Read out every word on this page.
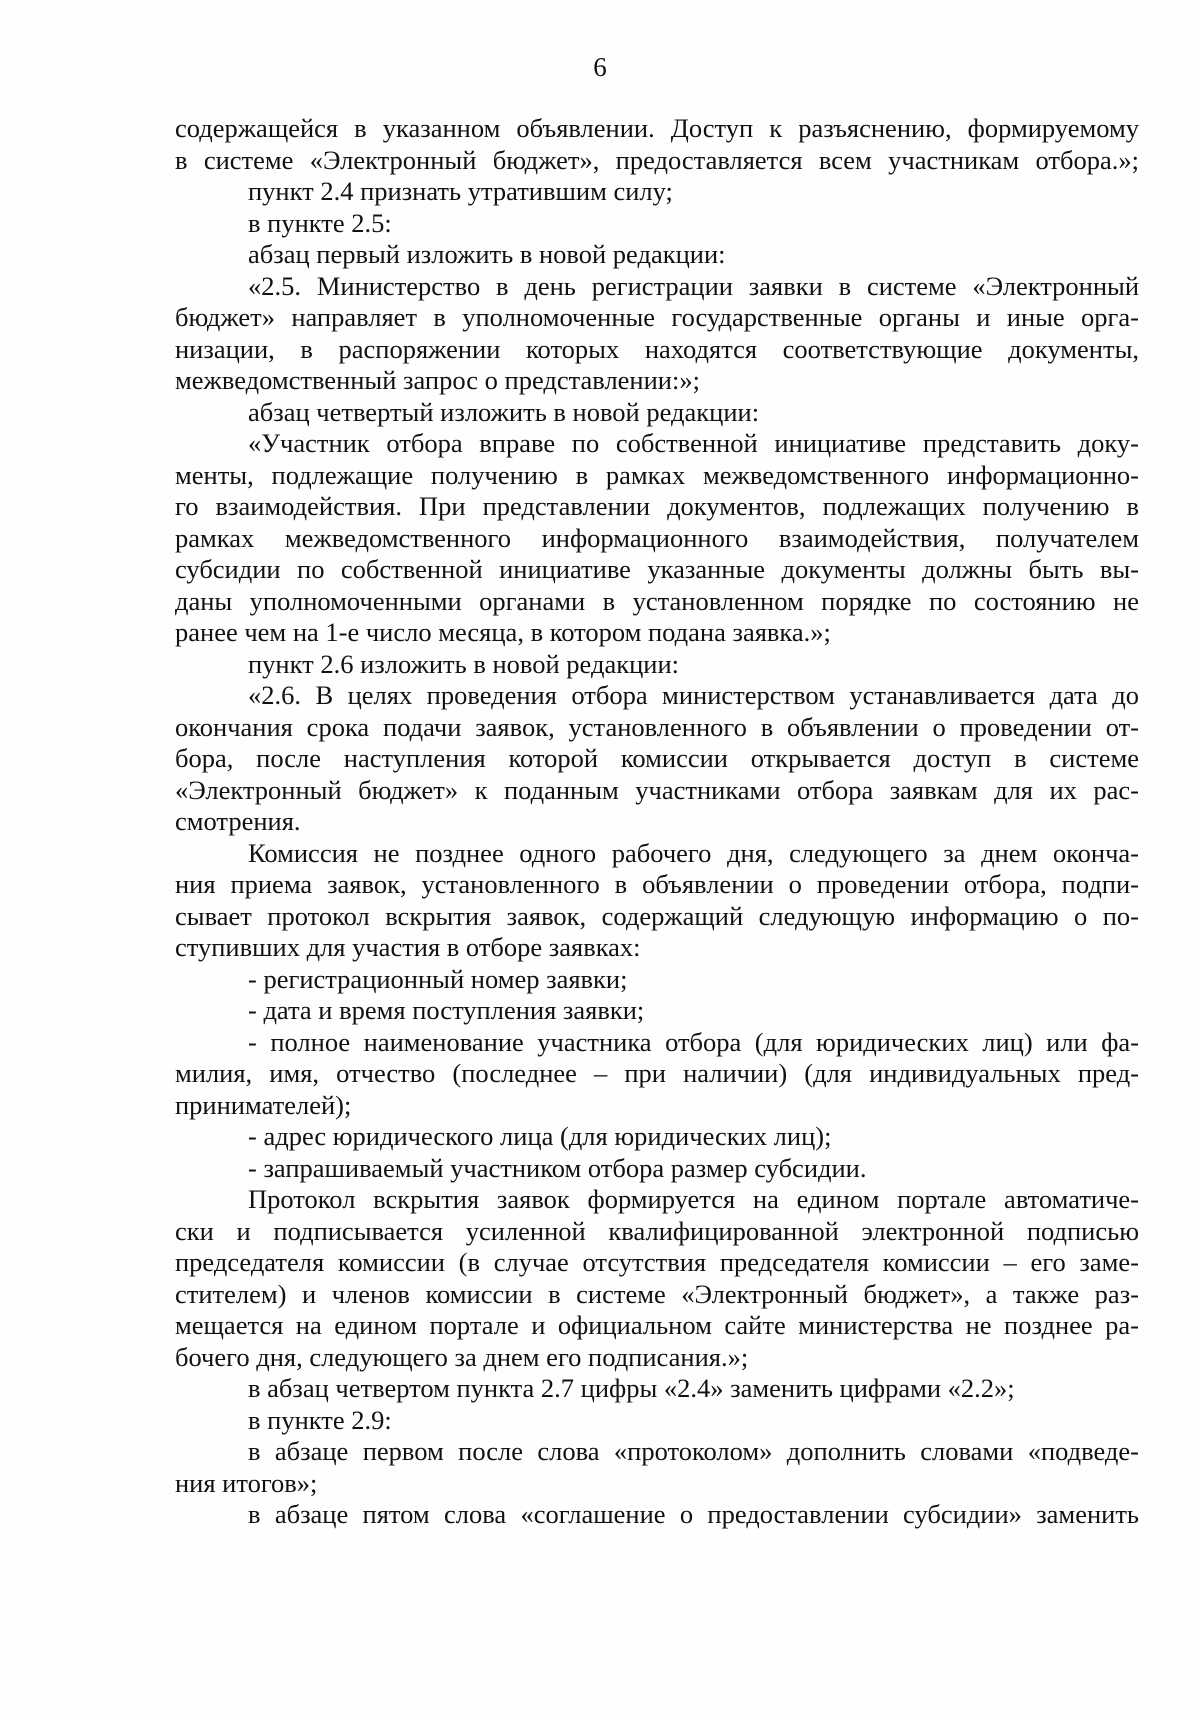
6
содержащейся в указанном объявлении. Доступ к разъяснению, формируемому
в системе «Электронный бюджет», предоставляется всем участникам отбора.»;
пункт 2.4 признать утратившим силу;
в пункте 2.5:
абзац первый изложить в новой редакции:
«2.5. Министерство в день регистрации заявки в системе «Электронный
бюджет» направляет в уполномоченные государственные органы и иные орга-
низации, в распоряжении которых находятся соответствующие документы,
межведомственный запрос о представлении:»;
абзац четвертый изложить в новой редакции:
«Участник отбора вправе по собственной инициативе представить доку-
менты, подлежащие получению в рамках межведомственного информационно-
го взаимодействия. При представлении документов, подлежащих получению в
рамках межведомственного информационного взаимодействия, получателем
субсидии по собственной инициативе указанные документы должны быть вы-
даны уполномоченными органами в установленном порядке по состоянию не
ранее чем на 1-е число месяца, в котором подана заявка.»;
пункт 2.6 изложить в новой редакции:
«2.6. В целях проведения отбора министерством устанавливается дата до
окончания срока подачи заявок, установленного в объявлении о проведении от-
бора, после наступления которой комиссии открывается доступ в системе
«Электронный бюджет» к поданным участниками отбора заявкам для их рас-
смотрения.
Комиссия не позднее одного рабочего дня, следующего за днем оконча-
ния приема заявок, установленного в объявлении о проведении отбора, подпи-
сывает протокол вскрытия заявок, содержащий следующую информацию о по-
ступивших для участия в отборе заявках:
- регистрационный номер заявки;
- дата и время поступления заявки;
- полное наименование участника отбора (для юридических лиц) или фа-
милия, имя, отчество (последнее – при наличии) (для индивидуальных пред-
принимателей);
- адрес юридического лица (для юридических лиц);
- запрашиваемый участником отбора размер субсидии.
Протокол вскрытия заявок формируется на едином портале автоматиче-
ски и подписывается усиленной квалифицированной электронной подписью
председателя комиссии (в случае отсутствия председателя комиссии – его заме-
стителем) и членов комиссии в системе «Электронный бюджет», а также раз-
мещается на едином портале и официальном сайте министерства не позднее ра-
бочего дня, следующего за днем его подписания.»;
в абзац четвертом пункта 2.7 цифры «2.4» заменить цифрами «2.2»;
в пункте 2.9:
в абзаце первом после слова «протоколом» дополнить словами «подведе-
ния итогов»;
в абзаце пятом слова «соглашение о предоставлении субсидии» заменить
